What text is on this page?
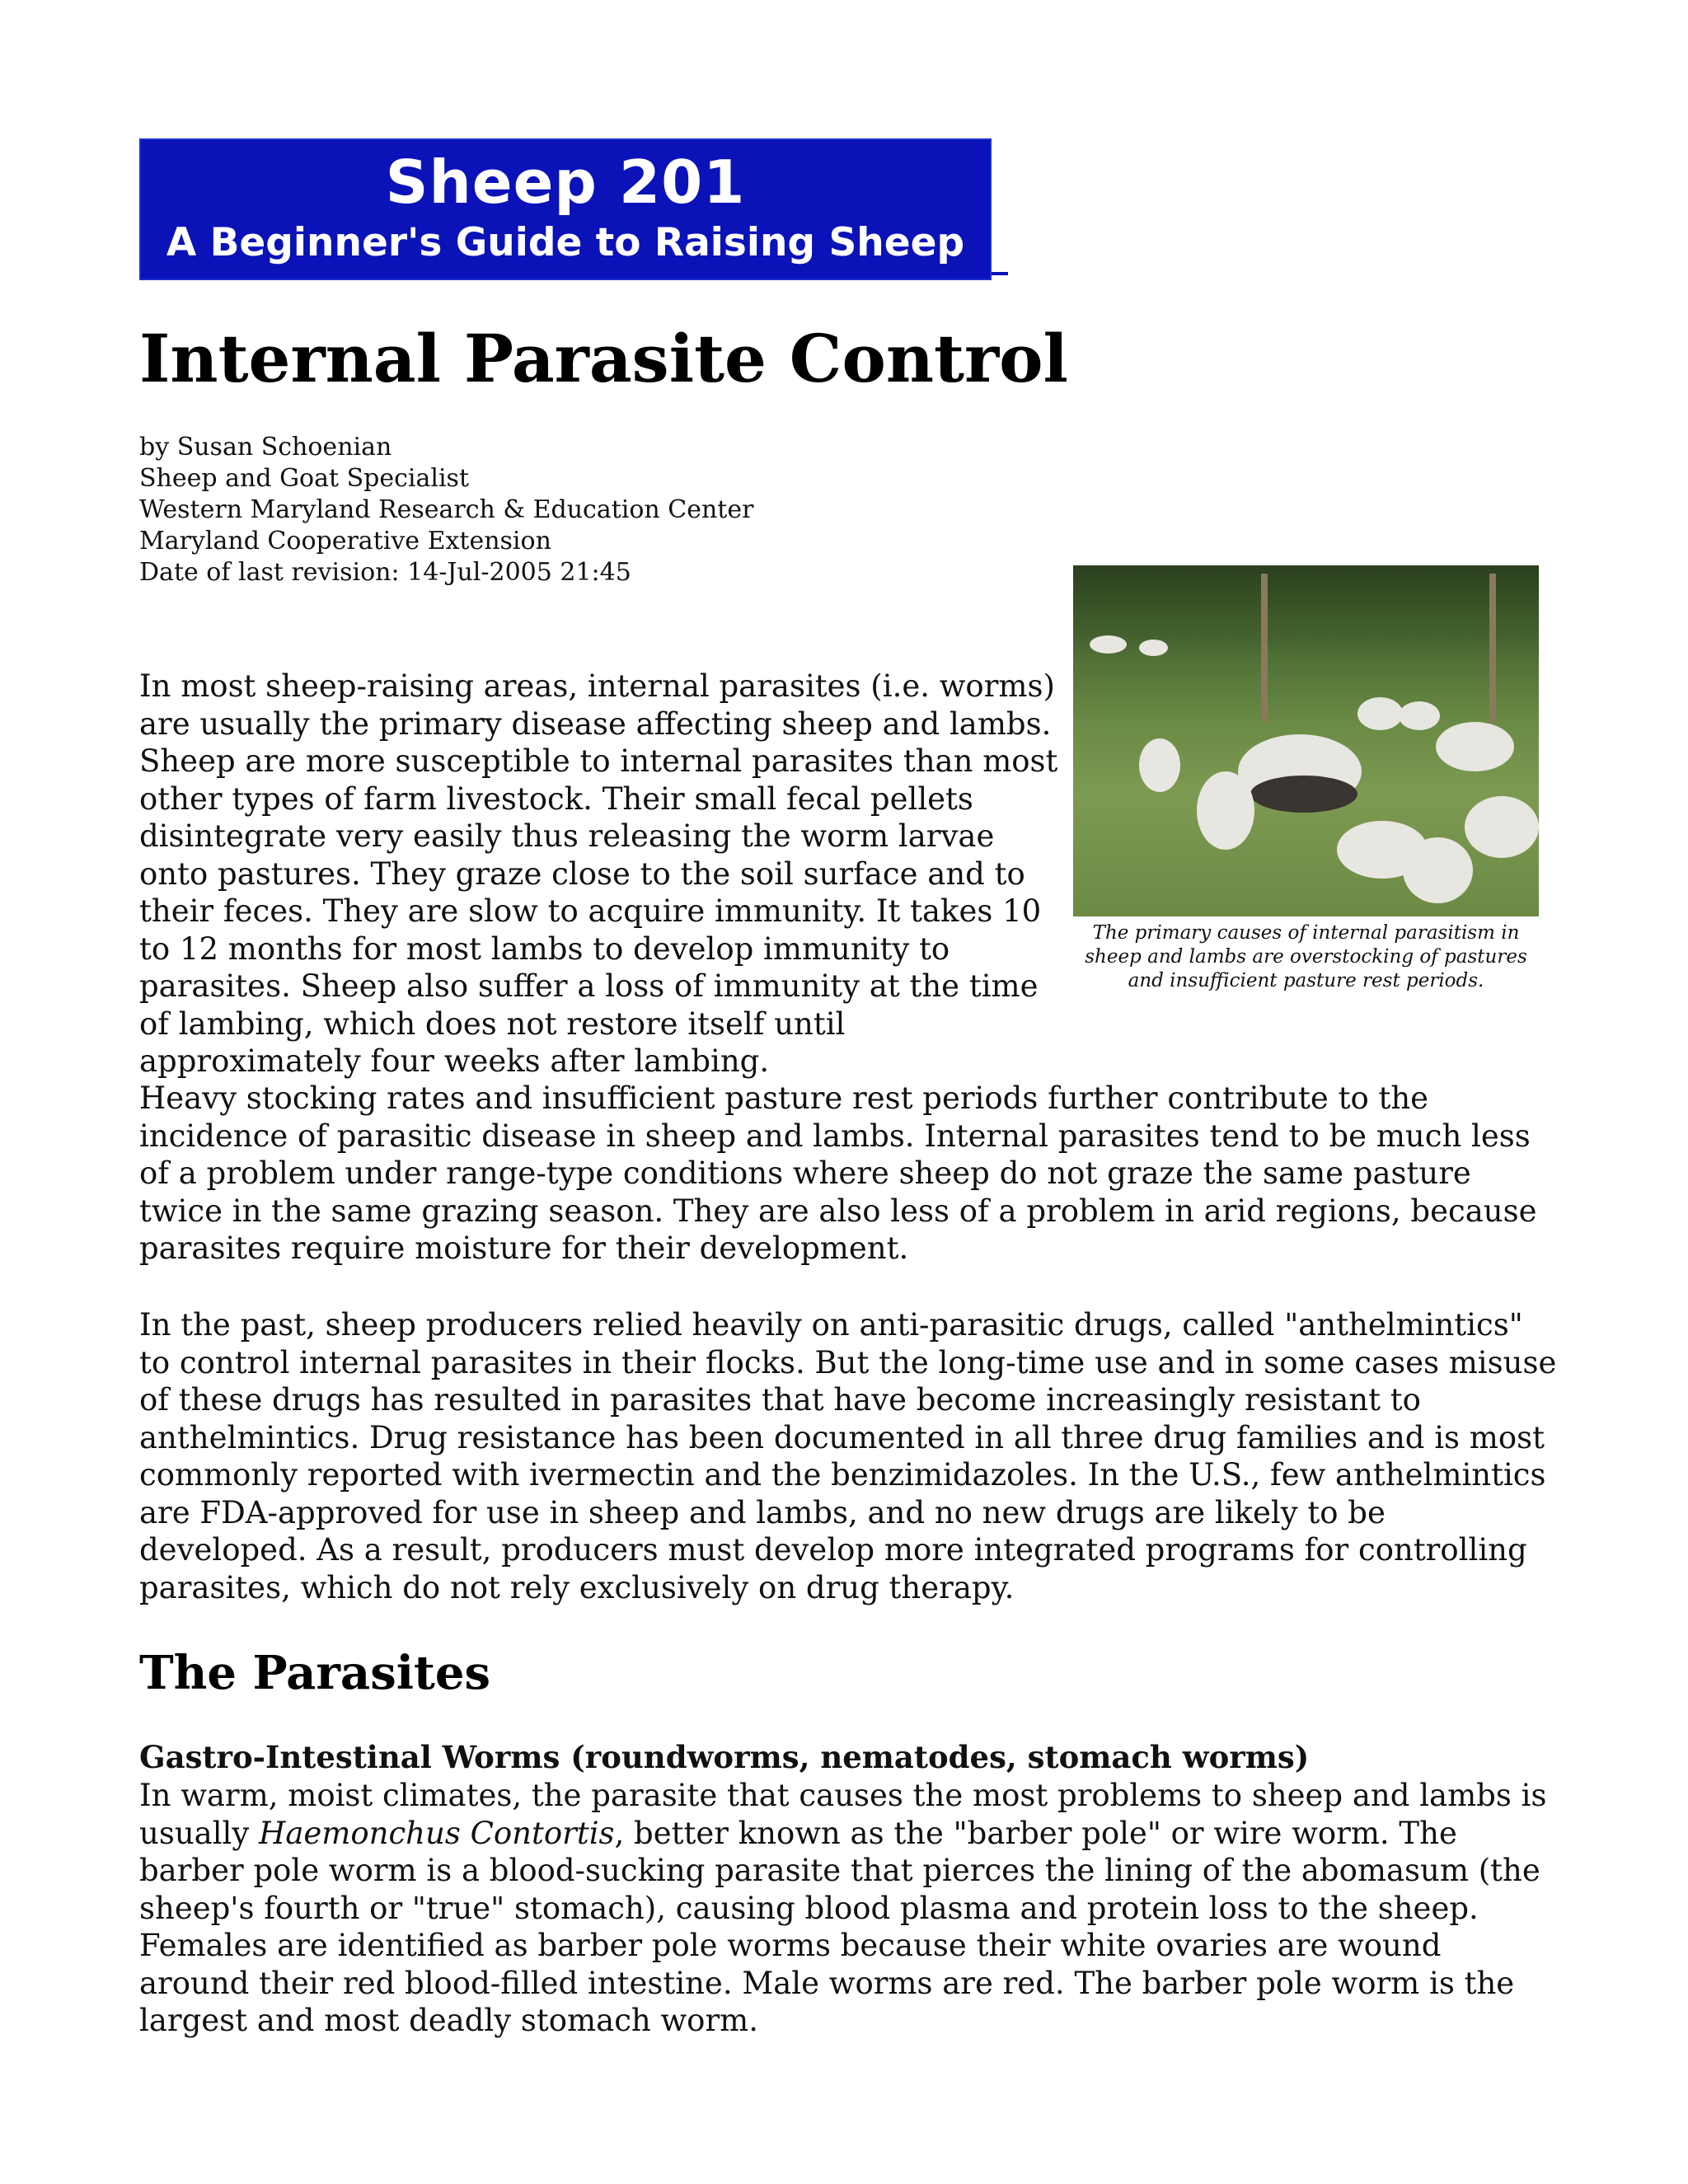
Sheep 201
A Beginner's Guide to Raising Sheep
Internal Parasite Control
by Susan Schoenian
Sheep and Goat Specialist
Western Maryland Research & Education Center
Maryland Cooperative Extension
Date of last revision: 14-Jul-2005 21:45
The primary causes of internal parasitism in sheep and lambs are overstocking of pastures and insufficient pasture rest periods.

In most sheep-raising areas, internal parasites (i.e. worms) are usually the primary disease affecting sheep and lambs. Sheep are more susceptible to internal parasites than most other types of farm livestock. Their small fecal pellets disintegrate very easily thus releasing the worm larvae onto pastures. They graze close to the soil surface and to their feces. They are slow to acquire immunity. It takes 10 to 12 months for most lambs to develop immunity to parasites. Sheep also suffer a loss of immunity at the time of lambing, which does not restore itself until approximately four weeks after lambing.

Heavy stocking rates and insufficient pasture rest periods further contribute to the incidence of parasitic disease in sheep and lambs. Internal parasites tend to be much less of a problem under range-type conditions where sheep do not graze the same pasture twice in the same grazing season. They are also less of a problem in arid regions, because parasites require moisture for their development.

In the past, sheep producers relied heavily on anti-parasitic drugs, called "anthelmintics" to control internal parasites in their flocks. But the long-time use and in some cases misuse of these drugs has resulted in parasites that have become increasingly resistant to anthelmintics. Drug resistance has been documented in all three drug families and is most commonly reported with ivermectin and the benzimidazoles. In the U.S., few anthelmintics are FDA-approved for use in sheep and lambs, and no new drugs are likely to be developed. As a result, producers must develop more integrated programs for controlling parasites, which do not rely exclusively on drug therapy.

The Parasites
Gastro-Intestinal Worms (roundworms, nematodes, stomach worms)

In warm, moist climates, the parasite that causes the most problems to sheep and lambs is usually Haemonchus Contortis, better known as the "barber pole" or wire worm. The barber pole worm is a blood-sucking parasite that pierces the lining of the abomasum (the sheep's fourth or "true" stomach), causing blood plasma and protein loss to the sheep. Females are identified as barber pole worms because their white ovaries are wound around their red blood-filled intestine. Male worms are red. The barber pole worm is the largest and most deadly stomach worm.
